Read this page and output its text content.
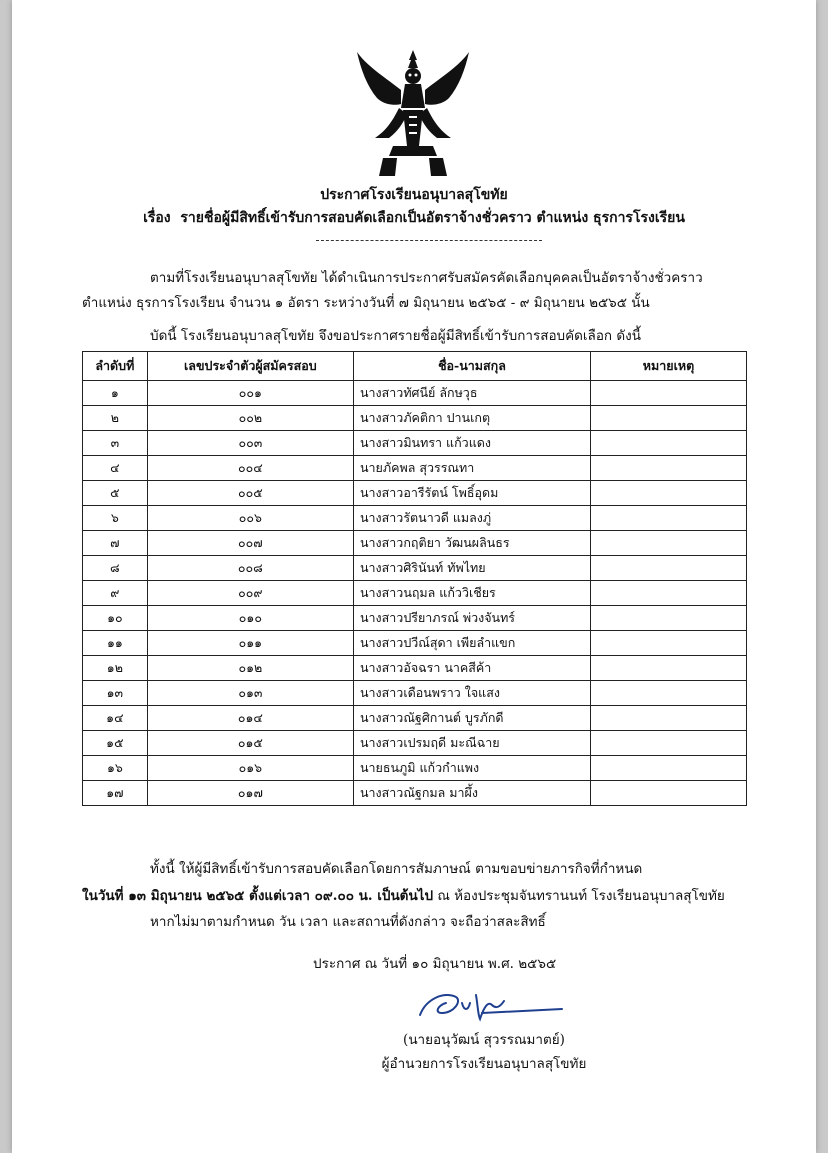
ประกาศโรงเรียนอนุบาลสุโขทัย
เรื่อง รายชื่อผู้มีสิทธิ์เข้ารับการสอบคัดเลือกเป็นอัตราจ้างชั่วคราว ตำแหน่ง ธุรการโรงเรียน
ตามที่โรงเรียนอนุบาลสุโขทัย ได้ดำเนินการประกาศรับสมัครคัดเลือกบุคคลเป็นอัตราจ้างชั่วคราว
ตำแหน่ง ธุรการโรงเรียน จำนวน ๑ อัตรา ระหว่างวันที่ ๗ มิถุนายน ๒๕๖๕ - ๙ มิถุนายน ๒๕๖๕ นั้น
บัดนี้ โรงเรียนอนุบาลสุโขทัย จึงขอประกาศรายชื่อผู้มีสิทธิ์เข้ารับการสอบคัดเลือก ดังนี้
ลำดับที่	เลขประจำตัวผู้สมัครสอบ	ชื่อ-นามสกุล	หมายเหตุ
๑	๐๐๑	นางสาวทัศนีย์ ลักษวุธ	
๒	๐๐๒	นางสาวภัคติกา ปานเกตุ	
๓	๐๐๓	นางสาวมินทรา แก้วแดง	
๔	๐๐๔	นายภัคพล สุวรรณทา	
๕	๐๐๕	นางสาวอารีรัตน์ โพธิ์อุดม	
๖	๐๐๖	นางสาวรัตนาวดี แมลงภู่	
๗	๐๐๗	นางสาวกฤติยา วัฒนผลินธร	
๘	๐๐๘	นางสาวศิรินันท์ ทัพไทย	
๙	๐๐๙	นางสาวนฤมล แก้ววิเชียร	
๑๐	๐๑๐	นางสาวปรียาภรณ์ พ่วงจันทร์	
๑๑	๐๑๑	นางสาวปวีณ์สุดา เพียลำแขก	
๑๒	๐๑๒	นางสาวอัจฉรา นาคสีค้า	
๑๓	๐๑๓	นางสาวเดือนพราว ใจแสง	
๑๔	๐๑๔	นางสาวณัฐศิกานต์ บูรภักดี	
๑๕	๐๑๕	นางสาวเปรมฤดี มะณีฉาย	
๑๖	๐๑๖	นายธนภูมิ แก้วกำแพง	
๑๗	๐๑๗	นางสาวณัฐกมล มาผึ้ง	
ทั้งนี้ ให้ผู้มีสิทธิ์เข้ารับการสอบคัดเลือกโดยการสัมภาษณ์ ตามขอบข่ายภารกิจที่กำหนด
ในวันที่ ๑๓ มิถุนายน ๒๕๖๕ ตั้งแต่เวลา ๐๙.๐๐ น. เป็นต้นไป ณ ห้องประชุมจันทรานนท์ โรงเรียนอนุบาลสุโขทัย
หากไม่มาตามกำหนด วัน เวลา และสถานที่ดังกล่าว จะถือว่าสละสิทธิ์
ประกาศ ณ วันที่ ๑๐ มิถุนายน พ.ศ. ๒๕๖๕
(นายอนุวัฒน์ สุวรรณมาตย์)
ผู้อำนวยการโรงเรียนอนุบาลสุโขทัย
